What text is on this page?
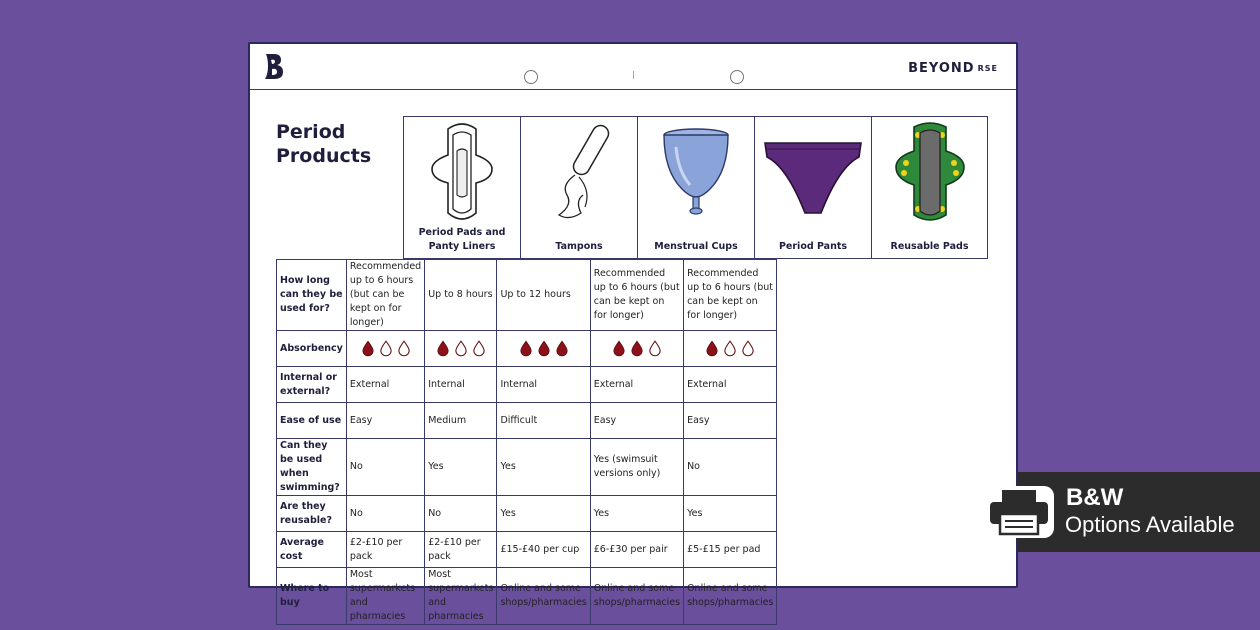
BEYOND RSE
Period
Products
Period Pads and Panty Liners	Tampons	Menstrual Cups	Period Pants	Reusable Pads
How long can they be used for?	Recommended up to 6 hours (but can be kept on for longer)	Up to 8 hours	Up to 12 hours	Recommended up to 6 hours (but can be kept on for longer)	Recommended up to 6 hours (but can be kept on for longer)
Absorbency	

Internal or external?	External	Internal	Internal	External	External
Ease of use	Easy	Medium	Difficult	Easy	Easy
Can they be used when swimming?	No	Yes	Yes	Yes (swimsuit versions only)	No
Are they reusable?	No	No	Yes	Yes	Yes
Average cost	£2-£10 per pack	£2-£10 per pack	£15-£40 per cup	£6-£30 per pair	£5-£15 per pad
Where to buy	Most supermarkets and pharmacies	Most supermarkets and pharmacies	Online and some shops/pharmacies	Online and some shops/pharmacies	Online and some shops/pharmacies
B&W
Options Available
